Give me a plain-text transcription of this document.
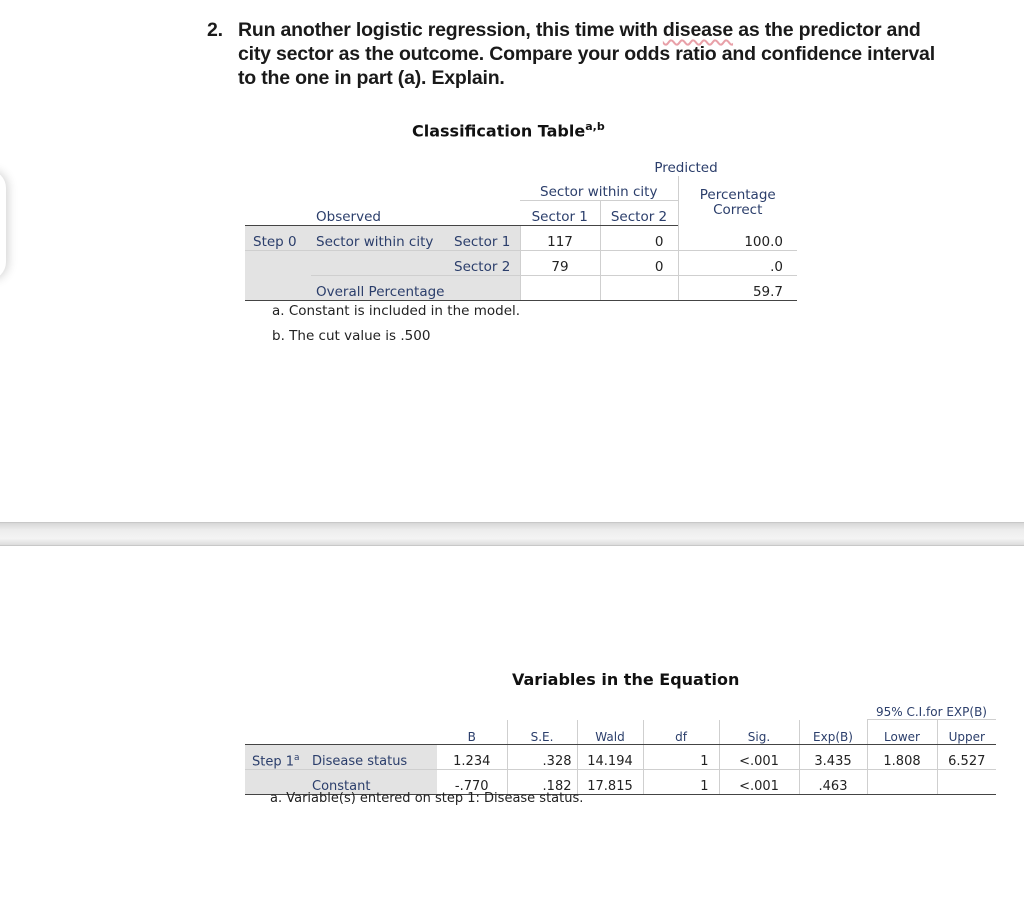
2. Run another logistic regression, this time with disease as the predictor and city sector as the outcome. Compare your odds ratio and confidence interval to the one in part (a). Explain.
Classification Table$^{a,b}$
			Predicted		
			Sector within city		Percentage
Correct
	Observed		Sector 1	Sector 2	
Step 0	Sector within city	Sector 1	117	0	100.0
		Sector 2	79	0	.0
	Overall Percentage				59.7
a. Constant is included in the model.
b. The cut value is .500
Variables in the Equation
								95% C.I.for EXP(B)	
		B	S.E.	Wald	df	Sig.	Exp(B)	Lower	Upper
Step 1$^a$	Disease status	1.234	.328	14.194	1	<.001	3.435	1.808	6.527
	Constant	-.770	.182	17.815	1	<.001	.463		
a. Variable(s) entered on step 1: Disease status.
